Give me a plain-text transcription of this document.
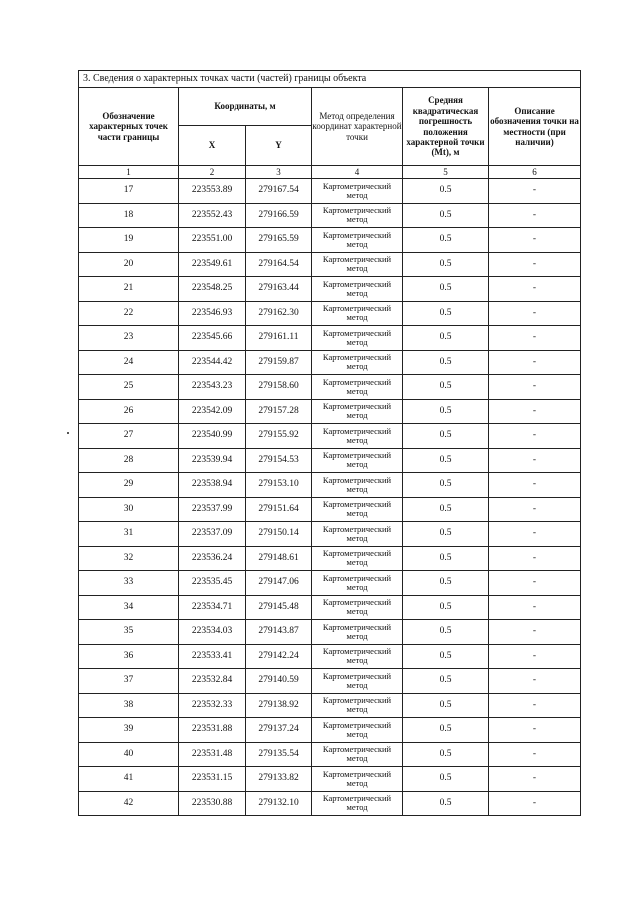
3. Сведения о характерных точках части (частей) границы объекта					
Обозначение характерных точек части границы	Координаты, м		Метод определения координат характерной точки	Средняя квадратическая погрешность положения характерной точки (Mt), м	Описание обозначения точки на местности (при наличии)
	X	Y			
1	2	3	4	5	6
17	223553.89	279167.54	Картометрический метод	0.5	-
18	223552.43	279166.59	Картометрический метод	0.5	-
19	223551.00	279165.59	Картометрический метод	0.5	-
20	223549.61	279164.54	Картометрический метод	0.5	-
21	223548.25	279163.44	Картометрический метод	0.5	-
22	223546.93	279162.30	Картометрический метод	0.5	-
23	223545.66	279161.11	Картометрический метод	0.5	-
24	223544.42	279159.87	Картометрический метод	0.5	-
25	223543.23	279158.60	Картометрический метод	0.5	-
26	223542.09	279157.28	Картометрический метод	0.5	-
27	223540.99	279155.92	Картометрический метод	0.5	-
28	223539.94	279154.53	Картометрический метод	0.5	-
29	223538.94	279153.10	Картометрический метод	0.5	-
30	223537.99	279151.64	Картометрический метод	0.5	-
31	223537.09	279150.14	Картометрический метод	0.5	-
32	223536.24	279148.61	Картометрический метод	0.5	-
33	223535.45	279147.06	Картометрический метод	0.5	-
34	223534.71	279145.48	Картометрический метод	0.5	-
35	223534.03	279143.87	Картометрический метод	0.5	-
36	223533.41	279142.24	Картометрический метод	0.5	-
37	223532.84	279140.59	Картометрический метод	0.5	-
38	223532.33	279138.92	Картометрический метод	0.5	-
39	223531.88	279137.24	Картометрический метод	0.5	-
40	223531.48	279135.54	Картометрический метод	0.5	-
41	223531.15	279133.82	Картометрический метод	0.5	-
42	223530.88	279132.10	Картометрический метод	0.5	-
